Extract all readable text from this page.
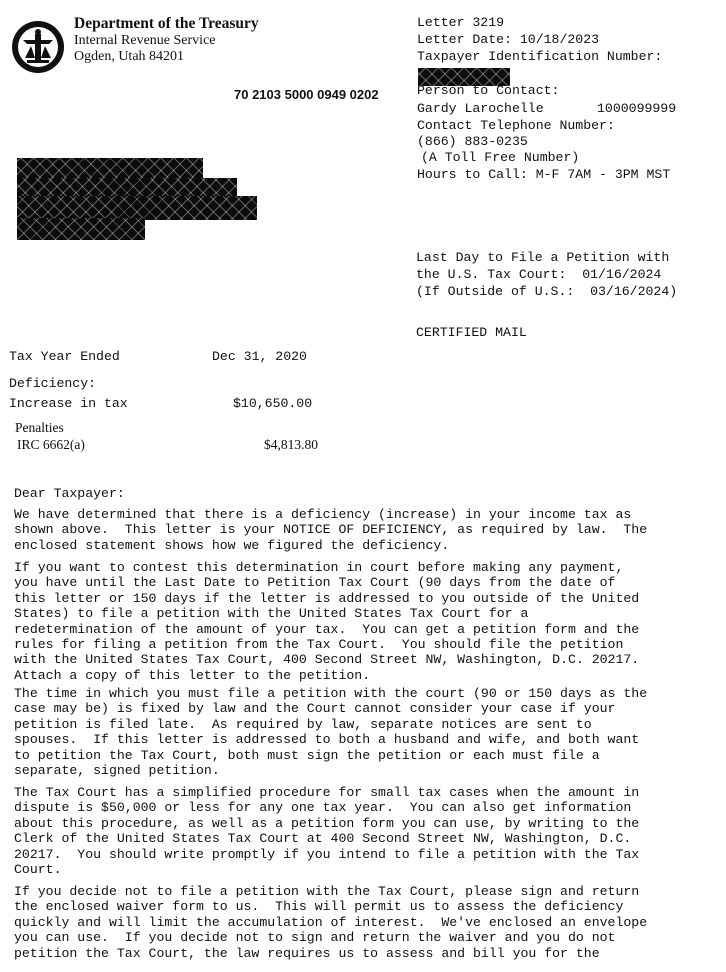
Department of the Treasury
Internal Revenue Service
Ogden, Utah 84201
70 2103 5000 0949 0202
Letter 3219
Letter Date: 10/18/2023
Taxpayer Identification Number:
Person to Contact:
Gardy Larochelle	1000099999
Contact Telephone Number:
(866) 883-0235
(A Toll Free Number)
Hours to Call: M-F 7AM - 3PM MST
Last Day to File a Petition with
the U.S. Tax Court:  01/16/2024
(If Outside of U.S.:  03/16/2024)
CERTIFIED MAIL
Tax Year Ended	Dec 31, 2020
Deficiency:
Increase in tax	$10,650.00
Penalties
IRC 6662(a)	$4,813.80
Dear Taxpayer:
We have determined that there is a deficiency (increase) in your income tax as
shown above.  This letter is your NOTICE OF DEFICIENCY, as required by law.  The
enclosed statement shows how we figured the deficiency.
If you want to contest this determination in court before making any payment,
you have until the Last Date to Petition Tax Court (90 days from the date of
this letter or 150 days if the letter is addressed to you outside of the United
States) to file a petition with the United States Tax Court for a
redetermination of the amount of your tax.  You can get a petition form and the
rules for filing a petition from the Tax Court.  You should file the petition
with the United States Tax Court, 400 Second Street NW, Washington, D.C. 20217.
Attach a copy of this letter to the petition.
The time in which you must file a petition with the court (90 or 150 days as the
case may be) is fixed by law and the Court cannot consider your case if your
petition is filed late.  As required by law, separate notices are sent to
spouses.  If this letter is addressed to both a husband and wife, and both want
to petition the Tax Court, both must sign the petition or each must file a
separate, signed petition.
The Tax Court has a simplified procedure for small tax cases when the amount in
dispute is $50,000 or less for any one tax year.  You can also get information
about this procedure, as well as a petition form you can use, by writing to the
Clerk of the United States Tax Court at 400 Second Street NW, Washington, D.C.
20217.  You should write promptly if you intend to file a petition with the Tax
Court.
If you decide not to file a petition with the Tax Court, please sign and return
the enclosed waiver form to us.  This will permit us to assess the deficiency
quickly and will limit the accumulation of interest.  We've enclosed an envelope
you can use.  If you decide not to sign and return the waiver and you do not
petition the Tax Court, the law requires us to assess and bill you for the
